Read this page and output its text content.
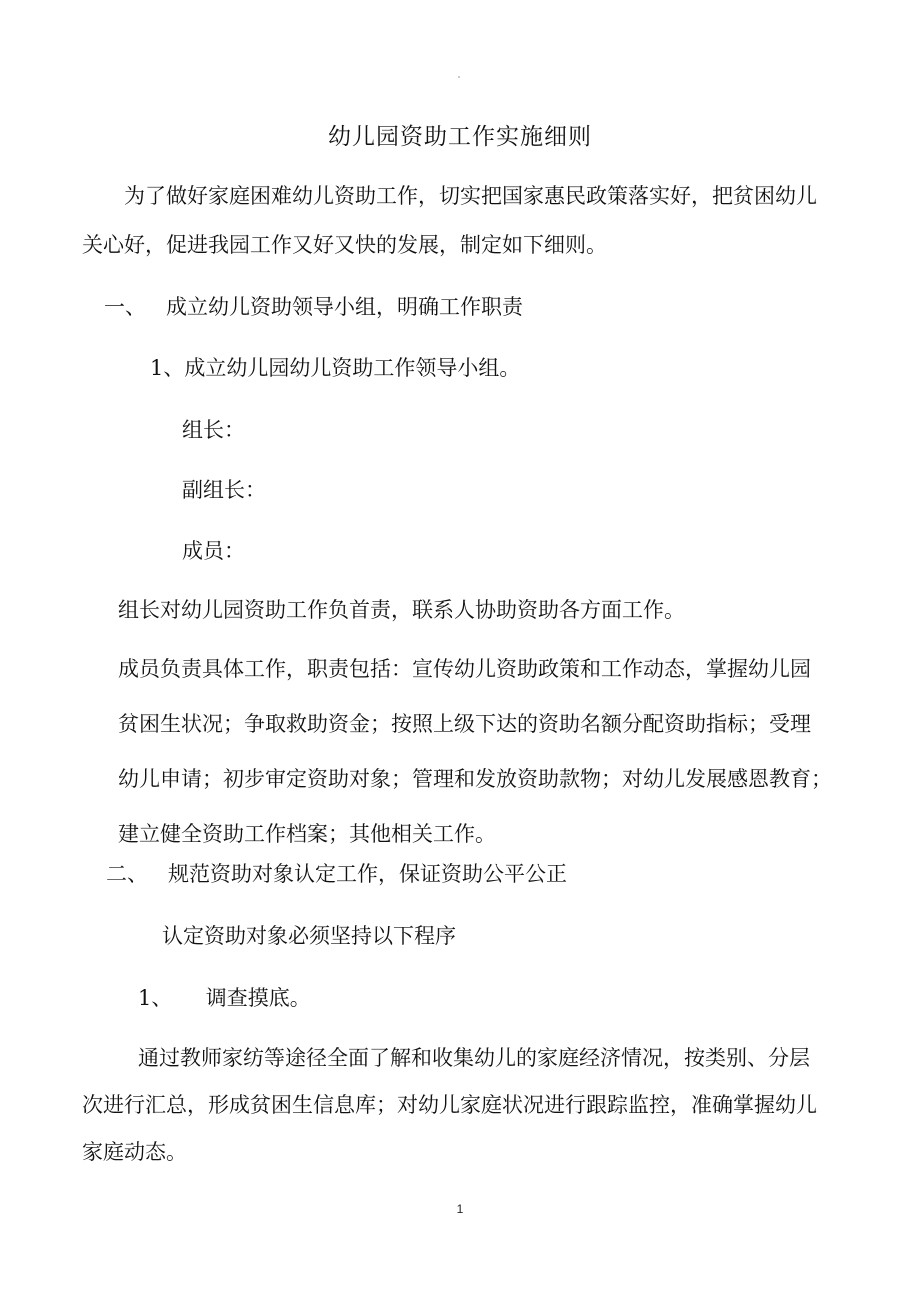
幼儿园资助工作实施细则

为了做好家庭困难幼儿资助工作，切实把国家惠民政策落实好，把贫困幼儿

关心好，促进我园工作又好又快的发展，制定如下细则。

一、   成立幼儿资助领导小组，明确工作职责

1、成立幼儿园幼儿资助工作领导小组。

组长：

副组长：

成员：

组长对幼儿园资助工作负首责，联系人协助资助各方面工作。

成员负责具体工作，职责包括：宣传幼儿资助政策和工作动态，掌握幼儿园
贫困生状况；争取救助资金；按照上级下达的资助名额分配资助指标；受理
幼儿申请；初步审定资助对象；管理和发放资助款物；对幼儿发展感恩教育；
建立健全资助工作档案；其他相关工作。

二、   规范资助对象认定工作，保证资助公平公正

认定资助对象必须坚持以下程序

1、     调查摸底。

通过教师家纺等途径全面了解和收集幼儿的家庭经济情况，按类别、分层

次进行汇总，形成贫困生信息库；对幼儿家庭状况进行跟踪监控，准确掌握幼儿

家庭动态。

1
